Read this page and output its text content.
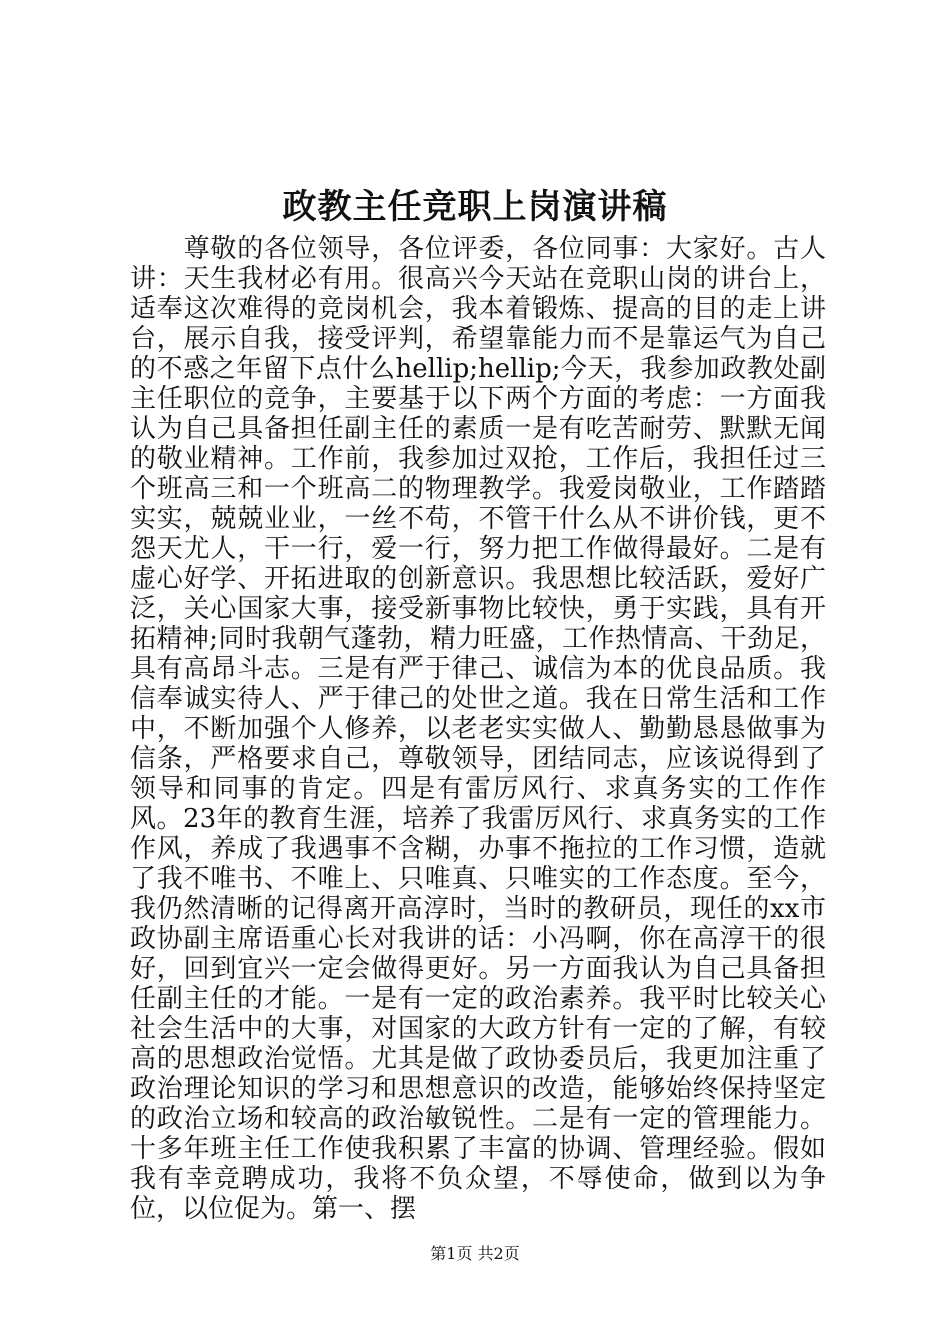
政教主任竞职上岗演讲稿

　　尊敬的各位领导，各位评委，各位同事：大家好。古人讲：天生我材必有用。很高兴今天站在竞职山岗的讲台上，适奉这次难得的竞岗机会，我本着锻炼、提高的目的走上讲台，展示自我，接受评判，希望靠能力而不是靠运气为自己的不惑之年留下点什么hellip;hellip;今天，我参加政教处副主任职位的竞争，主要基于以下两个方面的考虑：一方面我认为自己具备担任副主任的素质一是有吃苦耐劳、默默无闻的敬业精神。工作前，我参加过双抢，工作后，我担任过三个班高三和一个班高二的物理教学。我爱岗敬业，工作踏踏实实，兢兢业业，一丝不苟，不管干什么从不讲价钱，更不怨天尤人，干一行，爱一行，努力把工作做得最好。二是有虚心好学、开拓进取的创新意识。我思想比较活跃，爱好广泛，关心国家大事，接受新事物比较快，勇于实践，具有开拓精神;同时我朝气蓬勃，精力旺盛，工作热情高、干劲足，具有高昂斗志。三是有严于律己、诚信为本的优良品质。我信奉诚实待人、严于律己的处世之道。我在日常生活和工作中，不断加强个人修养，以老老实实做人、勤勤恳恳做事为信条，严格要求自己，尊敬领导，团结同志，应该说得到了领导和同事的肯定。四是有雷厉风行、求真务实的工作作风。23年的教育生涯，培养了我雷厉风行、求真务实的工作作风，养成了我遇事不含糊，办事不拖拉的工作习惯，造就了我不唯书、不唯上、只唯真、只唯实的工作态度。至今，我仍然清晰的记得离开高淳时，当时的教研员，现任的xx市政协副主席语重心长对我讲的话：小冯啊，你在高淳干的很好，回到宜兴一定会做得更好。另一方面我认为自己具备担任副主任的才能。一是有一定的政治素养。我平时比较关心社会生活中的大事，对国家的大政方针有一定的了解，有较高的思想政治觉悟。尤其是做了政协委员后，我更加注重了政治理论知识的学习和思想意识的改造，能够始终保持坚定的政治立场和较高的政治敏锐性。二是有一定的管理能力。十多年班主任工作使我积累了丰富的协调、管理经验。假如我有幸竞聘成功，我将不负众望，不辱使命，做到以为争位，以位促为。第一、摆

第1页 共2页
